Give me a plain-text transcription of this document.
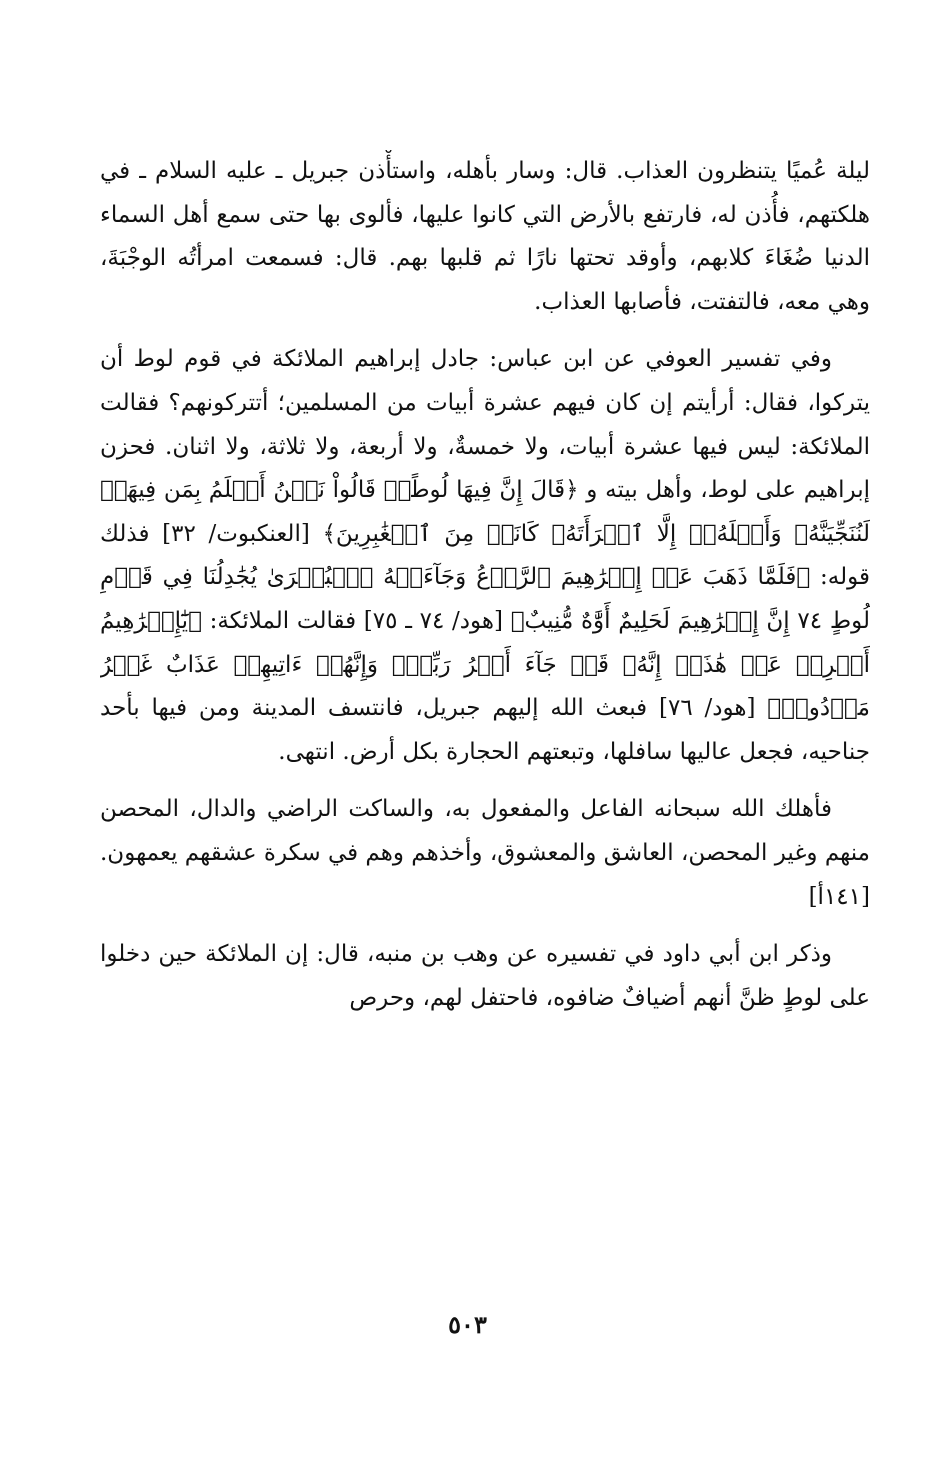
ليلة عُميًا يتنظرون العذاب. قال: وسار بأهله، واستأْذن جبريل ـ عليه السلام ـ في هلكتهم، فأُذن له، فارتفع بالأرض التي كانوا عليها، فألوى بها حتى سمع أهل السماء الدنيا ضُغَاءَ كلابهم، وأوقد تحتها نارًا ثم قلبها بهم. قال: فسمعت امرأتُه الوجْبَةَ، وهي معه، فالتفتت، فأصابها العذاب.

وفي تفسير العوفي عن ابن عباس: جادل إبراهيم الملائكة في قوم لوط أن يتركوا، فقال: أرأيتم إن كان فيهم عشرة أبيات من المسلمين؛ أتتركونهم؟ فقالت الملائكة: ليس فيها عشرة أبيات، ولا خمسةٌ، ولا أربعة، ولا ثلاثة، ولا اثنان. فحزن إبراهيم على لوط، وأهل بيته و ﴿قَالَ إِنَّ فِيهَا لُوطًاۚ قَالُواْ نَحۡنُ أَعۡلَمُ بِمَن فِيهَاۖ لَنُنَجِّيَنَّهُۥ وَأَهۡلَهُۥٓ إِلَّا ٱمۡرَأَتَهُۥ كَانَتۡ مِنَ ٱلۡغَٰبِرِينَ﴾ [العنكبوت/ ٣٢] فذلك قوله: ﴿فَلَمَّا ذَهَبَ عَنۡ إِبۡرَٰهِيمَ ٱلرَّوۡعُ وَجَآءَتۡهُ ٱلۡبُشۡرَىٰ يُجَٰدِلُنَا فِي قَوۡمِ لُوطٍ ٧٤ إِنَّ إِبۡرَٰهِيمَ لَحَلِيمٌ أَوَّٰهٌ مُّنِيبٌ﴾ [هود/ ٧٤ ـ ٧٥] فقالت الملائكة: ﴿يَٰٓإِبۡرَٰهِيمُ أَعۡرِضۡ عَنۡ هَٰذَآۖ إِنَّهُۥ قَدۡ جَآءَ أَمۡرُ رَبِّكَۖ وَإِنَّهُمۡ ءَاتِيهِمۡ عَذَابٌ غَيۡرُ مَرۡدُودٖ﴾ [هود/ ٧٦] فبعث الله إليهم جبريل، فانتسف المدينة ومن فيها بأحد جناحيه، فجعل عاليها سافلها، وتبعتهم الحجارة بكل أرض. انتهى.

فأهلك الله سبحانه الفاعل والمفعول به، والساكت الراضي والدال، المحصن منهم وغير المحصن، العاشق والمعشوق، وأخذهم وهم في سكرة عشقهم يعمهون. [١٤١أ]

وذكر ابن أبي داود في تفسيره عن وهب بن منبه، قال: إن الملائكة حين دخلوا على لوطٍ ظنَّ أنهم أضيافٌ ضافوه، فاحتفل لهم، وحرص

٥٠٣
